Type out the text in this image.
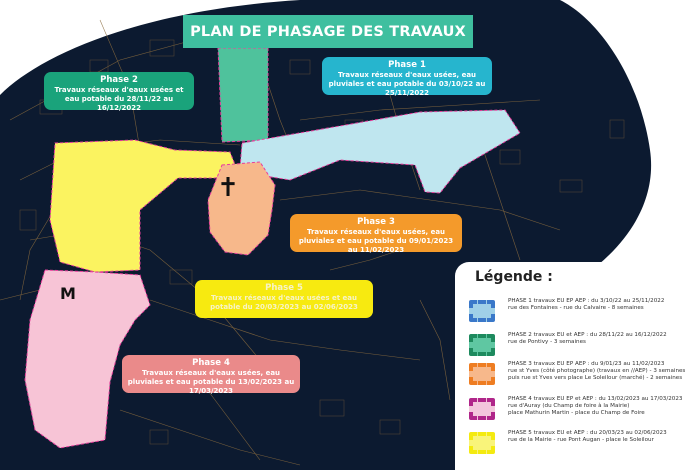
✝
M
PLAN DE PHASAGE DES TRAVAUX
Phase 1
Travaux réseaux d'eaux usées, eau pluviales et eau potable du 03/10/22 au 25/11/2022
Phase 2
Travaux réseaux d'eaux usées et eau potable du 28/11/22 au 16/12/2022
Phase 3
Travaux réseaux d'eaux usées, eau pluviales et eau potable du 09/01/2023 au 11/02/2023
Phase 5
Travaux réseaux d'eaux usées et eau potable du 20/03/2023 au 02/06/2023
Phase 4
Travaux réseaux d'eaux usées, eau pluviales et eau potable du 13/02/2023 au 17/03/2023
Légende :
PHASE 1 travaux EU EP AEP : du 3/10/22 au 25/11/2022
rue des Fontaines - rue du Calvaire - 8 semaines
PHASE 2 travaux EU et AEP : du 28/11/22 au 16/12/2022
rue de Pontivy - 3 semaines
PHASE 3 travaux EU EP AEP : du 9/01/23 au 11/02/2023
rue st Yves (côté photographe) (travaux en //AEP) - 3 semaines
puis rue st Yves vers place Le Soleilour (marché) - 2 semaines
PHASE 4 travaux EU EP et AEP : du 13/02/2023 au 17/03/2023
rue d'Auray (du Champ de foire à la Mairie)
place Mathurin Martin - place du Champ de Foire
PHASE 5 travaux EU et AEP : du 20/03/23 au 02/06/2023
rue de la Mairie - rue Pont Augan - place le Soleilour
